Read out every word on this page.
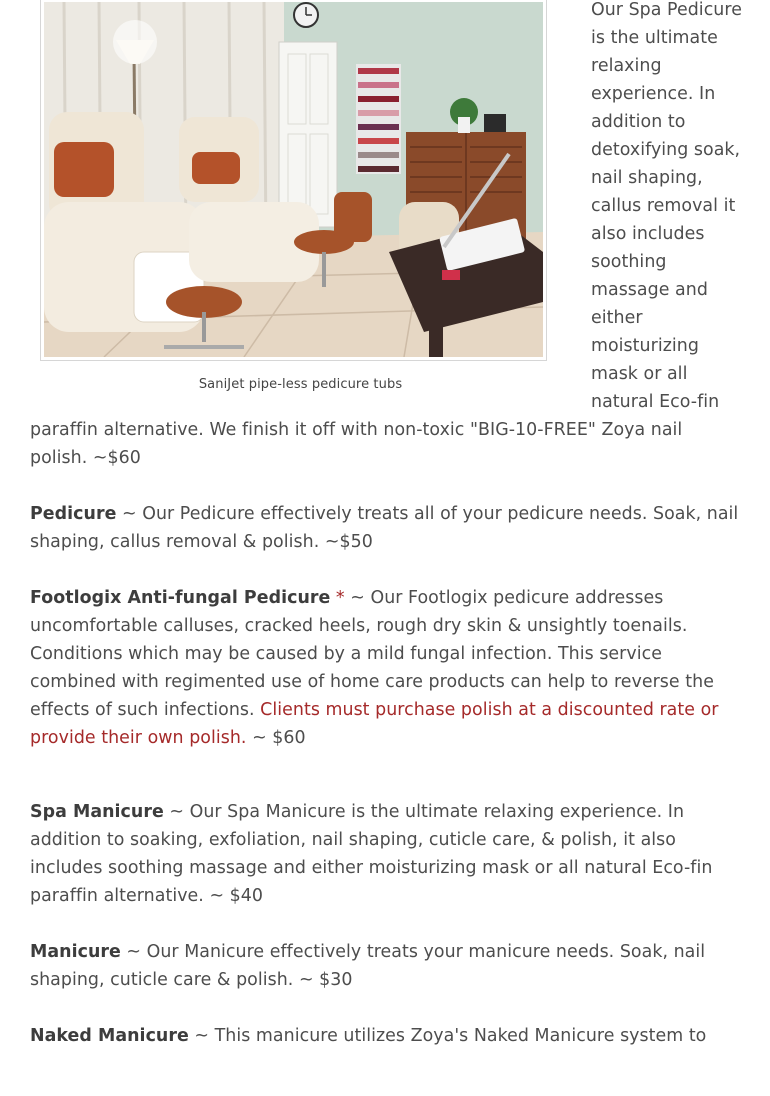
SaniJet pipe-less pedicure tubs

Our Spa Pedicure is the ultimate relaxing experience. In addition to detoxifying soak, nail shaping, callus removal it also includes soothing massage and either moisturizing mask or all natural Eco-fin paraffin alternative. We finish it off with non-toxic "BIG-10-FREE" Zoya nail polish. ~$60

Pedicure ~ Our Pedicure effectively treats all of your pedicure needs. Soak, nail shaping, callus removal & polish. ~$50

Footlogix Anti-fungal Pedicure * ~ Our Footlogix pedicure addresses uncomfortable calluses, cracked heels, rough dry skin & unsightly toenails. Conditions which may be caused by a mild fungal infection. This service combined with regimented use of home care products can help to reverse the effects of such infections. Clients must purchase polish at a discounted rate or provide their own polish. ~ $60

Spa Manicure ~ Our Spa Manicure is the ultimate relaxing experience. In addition to soaking, exfoliation, nail shaping, cuticle care, & polish, it also includes soothing massage and either moisturizing mask or all natural Eco-fin paraffin alternative. ~ $40

Manicure ~ Our Manicure effectively treats your manicure needs. Soak, nail shaping, cuticle care & polish. ~ $30

Naked Manicure ~ This manicure utilizes Zoya's Naked Manicure system to
